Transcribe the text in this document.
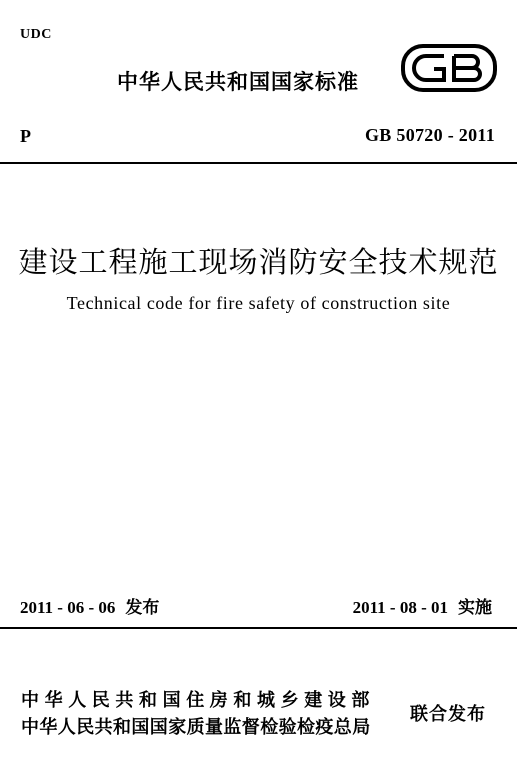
UDC
中华人民共和国国家标准
P	GB 50720 - 2011
建设工程施工现场消防安全技术规范
Technical code for fire safety of construction site
2011 - 06 - 06 发布	2011 - 08 - 01 实施
中华人民共和国住房和城乡建设部
中华人民共和国国家质量监督检验检疫总局
联合发布
